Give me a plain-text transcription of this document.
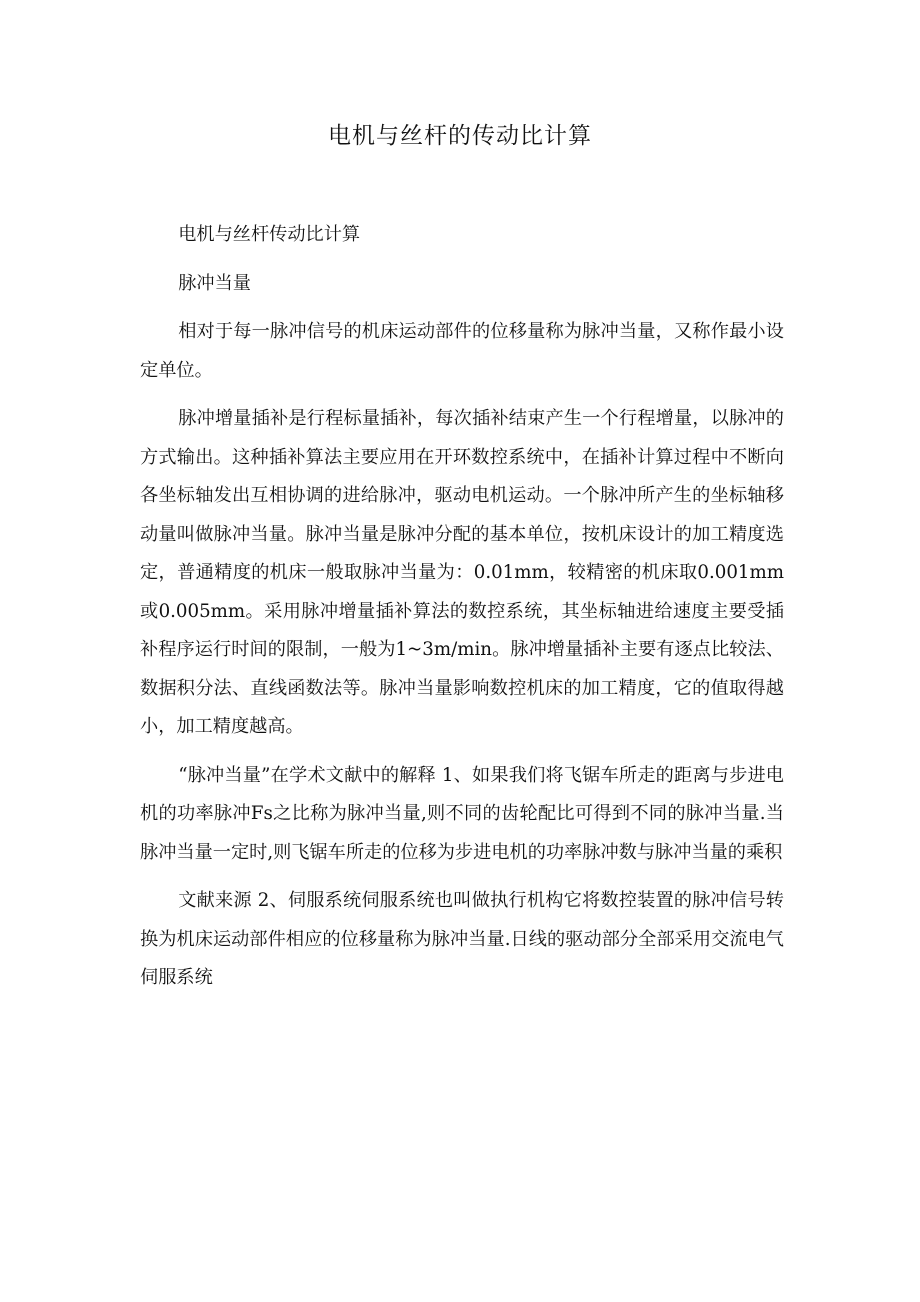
电机与丝杆的传动比计算

电机与丝杆传动比计算

脉冲当量

相对于每一脉冲信号的机床运动部件的位移量称为脉冲当量，又称作最小设定单位。

脉冲增量插补是行程标量插补，每次插补结束产生一个行程增量，以脉冲的方式输出。这种插补算法主要应用在开环数控系统中，在插补计算过程中不断向各坐标轴发出互相协调的进给脉冲，驱动电机运动。一个脉冲所产生的坐标轴移动量叫做脉冲当量。脉冲当量是脉冲分配的基本单位，按机床设计的加工精度选定，普通精度的机床一般取脉冲当量为：0.01mm，较精密的机床取0.001mm或0.005mm。采用脉冲增量插补算法的数控系统，其坐标轴进给速度主要受插补程序运行时间的限制，一般为1~3m/min。脉冲增量插补主要有逐点比较法、数据积分法、直线函数法等。脉冲当量影响数控机床的加工精度，它的值取得越小，加工精度越高。

“脉冲当量”在学术文献中的解释 1、如果我们将飞锯车所走的距离与步进电机的功率脉冲Fs之比称为脉冲当量,则不同的齿轮配比可得到不同的脉冲当量.当脉冲当量一定时,则飞锯车所走的位移为步进电机的功率脉冲数与脉冲当量的乘积

文献来源 2、伺服系统伺服系统也叫做执行机构它将数控装置的脉冲信号转换为机床运动部件相应的位移量称为脉冲当量.日线的驱动部分全部采用交流电气伺服系统
